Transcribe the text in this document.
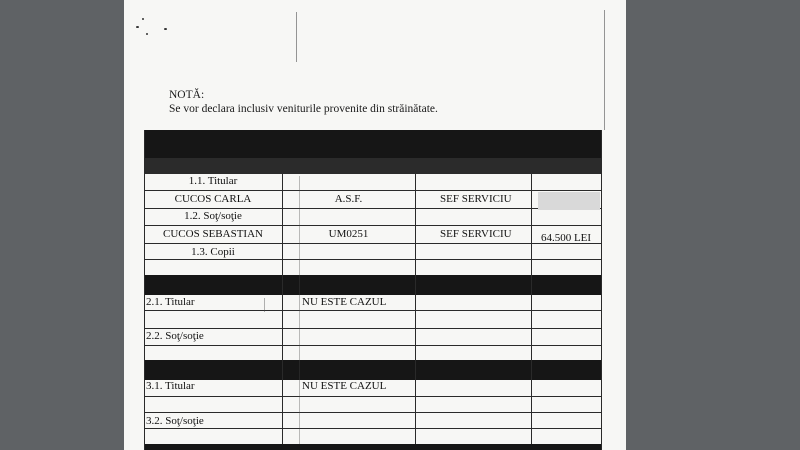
NOTĂ:
Se vor declara inclusiv veniturile provenite din străinătate.
1.1. Titular
CUCOS CARLA	A.S.F.	SEF SERVICIU
1.2. Soţ/soţie
CUCOS SEBASTIAN	UM0251	SEF SERVICIU	64.500 LEI
1.3. Copii
2.1. Titular	NU ESTE CAZUL
2.2. Soţ/soţie
3.1. Titular	NU ESTE CAZUL
3.2. Soţ/soţie
